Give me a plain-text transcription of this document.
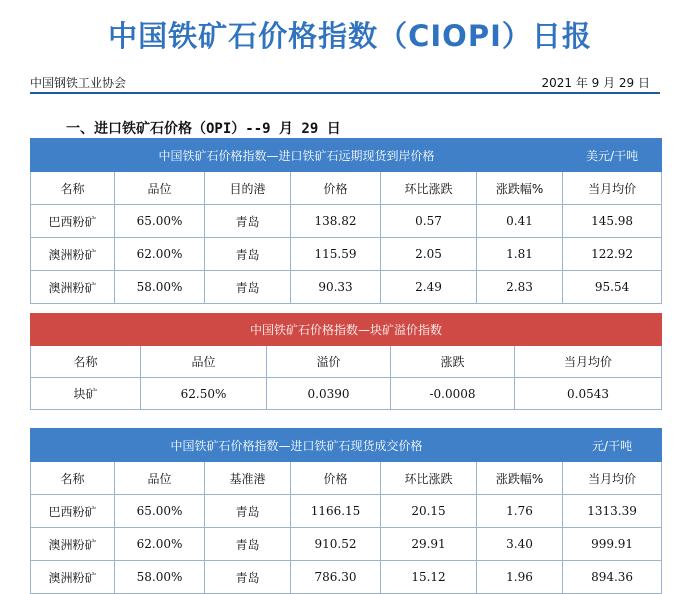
中国铁矿石价格指数（CIOPI）日报
中国钢铁工业协会	2021 年 9 月 29 日
一、进口铁矿石价格（OPI）--9 月 29 日
中国铁矿石价格指数—进口铁矿石远期现货到岸价格						美元/干吨
名称	品位	目的港	价格	环比涨跌	涨跌幅%	当月均价
巴西粉矿	65.00%	青岛	138.82	0.57	0.41	145.98
澳洲粉矿	62.00%	青岛	115.59	2.05	1.81	122.92
澳洲粉矿	58.00%	青岛	90.33	2.49	2.83	95.54
中国铁矿石价格指数—块矿溢价指数				
名称	品位	溢价	涨跌	当月均价
块矿	62.50%	0.0390	-0.0008	0.0543
中国铁矿石价格指数—进口铁矿石现货成交价格						元/干吨
名称	品位	基准港	价格	环比涨跌	涨跌幅%	当月均价
巴西粉矿	65.00%	青岛	1166.15	20.15	1.76	1313.39
澳洲粉矿	62.00%	青岛	910.52	29.91	3.40	999.91
澳洲粉矿	58.00%	青岛	786.30	15.12	1.96	894.36
